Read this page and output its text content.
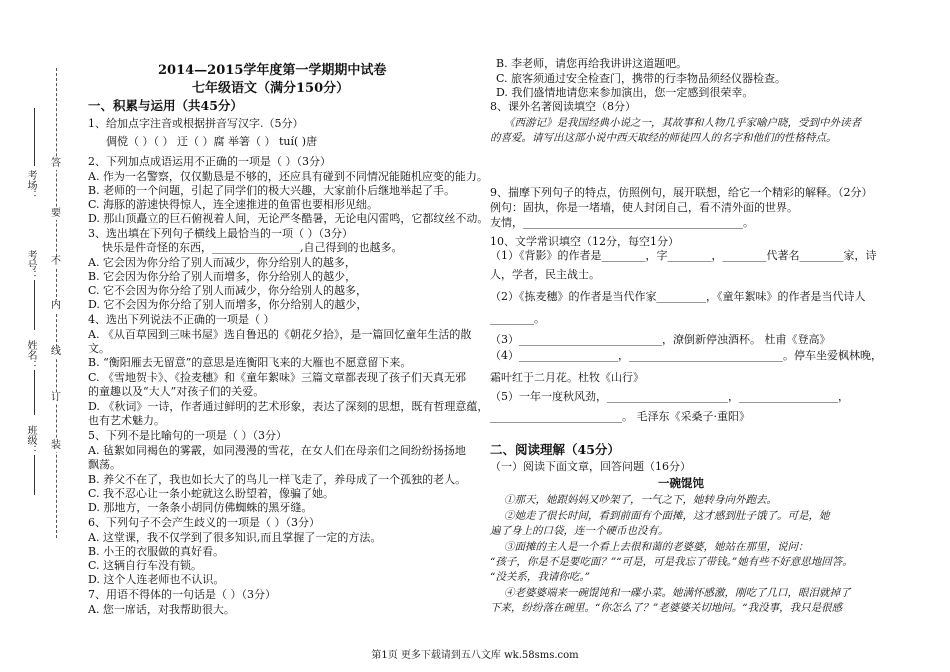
答
要
不
内
线
订
装
考场：
考号：
姓名：
班级：
2014—2015学年度第一学期期中试卷
七年级语文（满分150分）
一、积累与运用（共45分）
1、给加点字注音或根据拼音写汉字.（5分）
倜傥（ ）（ ） 迂（ ）腐 举箸（ ） tuí( )唐
2、下列加点成语运用不正确的一项是（ ）（3分）
A. 作为一名警察，仅仅勤恳是不够的，还应具有碰到不同情况能随机应变的能力。
B. 老师的一个问题，引起了同学们的极大兴趣，大家前仆后继地举起了手。
C. 海豚的游速快得惊人，连全速推进的鱼雷也要相形见绌。
D. 那山顶矗立的巨石俯视着人间，无论严冬酷暑，无论电闪雷鸣，它都纹丝不动。
3、选出填在下列句子横线上最恰当的一项（ ）（3分）
快乐是件奇怪的东西，________________,自己得到的也越多。
A. 它会因为你分给了别人而减少，你分给别人的越多，
B. 它会因为你分给了别人而增多，你分给别人的越少，
C. 它不会因为你分给了别人而减少，你分给别人的越多，
D. 它不会因为你分给了别人而增多，你分给别人的越少，
4、选出下列说法不正确的一项是（ ）
A. 《从百草园到三味书屋》选自鲁迅的《朝花夕拾》，是一篇回忆童年生活的散
文。
B. “衡阳雁去无留意”的意思是连衡阳飞来的大雁也不愿意留下来。
C. 《雪地贺卡》、《捡麦穗》和《童年絮味》三篇文章都表现了孩子们天真无邪
的童趣以及“大人”对孩子们的关爱。
D. 《秋词》一诗，作者通过鲜明的艺术形象，表达了深刻的思想，既有哲理意蕴，
也有艺术魅力。
5、下列不是比喻句的一项是（ ）（3分）
A. 毡絮如同褐色的雾霰，如同漫漫的雪花，在女人们在母亲们之间纷纷扬扬地
飘荡。
B. 养父不在了，我也如长大了的鸟儿一样飞走了，养母成了一个孤独的老人。
C. 我不忍心让一条小蛇就这么盼望着，像骗了她。
D. 那地方，一条条小胡同仿佛蜘蛛的黑牙缝。
6、下列句子不会产生歧义的一项是（ ）（3分）
A. 这堂课，我不仅学到了很多知识,而且掌握了一定的方法。
B. 小王的衣服做的真好看。
C. 这辆自行车没有锁。
D. 这个人连老师也不认识。
7、用语不得体的一句话是（ ）（3分）
A. 您一席话，对我帮助很大。
B. 李老师，请您再给我讲讲这道题吧。
C. 旅客须通过安全检查门，携带的行李物品须经仪器检查。
D. 我们盛情地请您来参加演出，您一定感到很荣幸。
8、课外名著阅读填空（8分）
《西游记》是我国经典小说之一，其故事和人物几乎家喻户晓，受到中外读者
的喜爱。请写出这部小说中西天取经的师徒四人的名字和他们的性格特点。
9、揣摩下列句子的特点，仿照例句，展开联想，给它一个精彩的解释。（2分）
例句：固执，你是一堵墙，使人封闭自己，看不清外面的世界。
友情，________________________________________。
10、文学常识填空（12分，每空1分）
（1）《背影》的作者是________，字________，________代著名________家，诗
人，学者，民主战士。
（2）《拣麦穗》的作者是当代作家_________，《童年絮味》的作者是当代诗人
________。
（3）__________________________，潦倒新停浊酒杯。 杜甫《登高》
（4）__________________，____________________________。停车坐爱枫林晚，
霜叶红于二月花。杜牧《山行》
（5）一年一度秋风劲，______________________，__________________，
________________________。 毛泽东《采桑子·重阳》
二、阅读理解（45分）
（一）阅读下面文章，回答问题（16分）
一碗馄饨
①那天，她跟妈妈又吵架了，一气之下，她转身向外跑去。
②她走了很长时间，看到前面有个面摊，这才感到肚子饿了。可是，她
遍了身上的口袋，连一个硬币也没有。
③面摊的主人是一个看上去很和蔼的老婆婆，她站在那里，说问：
“孩子，你是不是要吃面？”“可是，可是我忘了带钱。”她有些不好意思地回答。
“没关系，我请你吃。”
④老婆婆端来一碗馄饨和一碟小菜。她满怀感激，刚吃了几口，眼泪就掉了
下来，纷纷落在碗里。“你怎么了？”老婆婆关切地问。“我没事，我只是很感
第1页 更多下载请到五八文库 wk.58sms.com
